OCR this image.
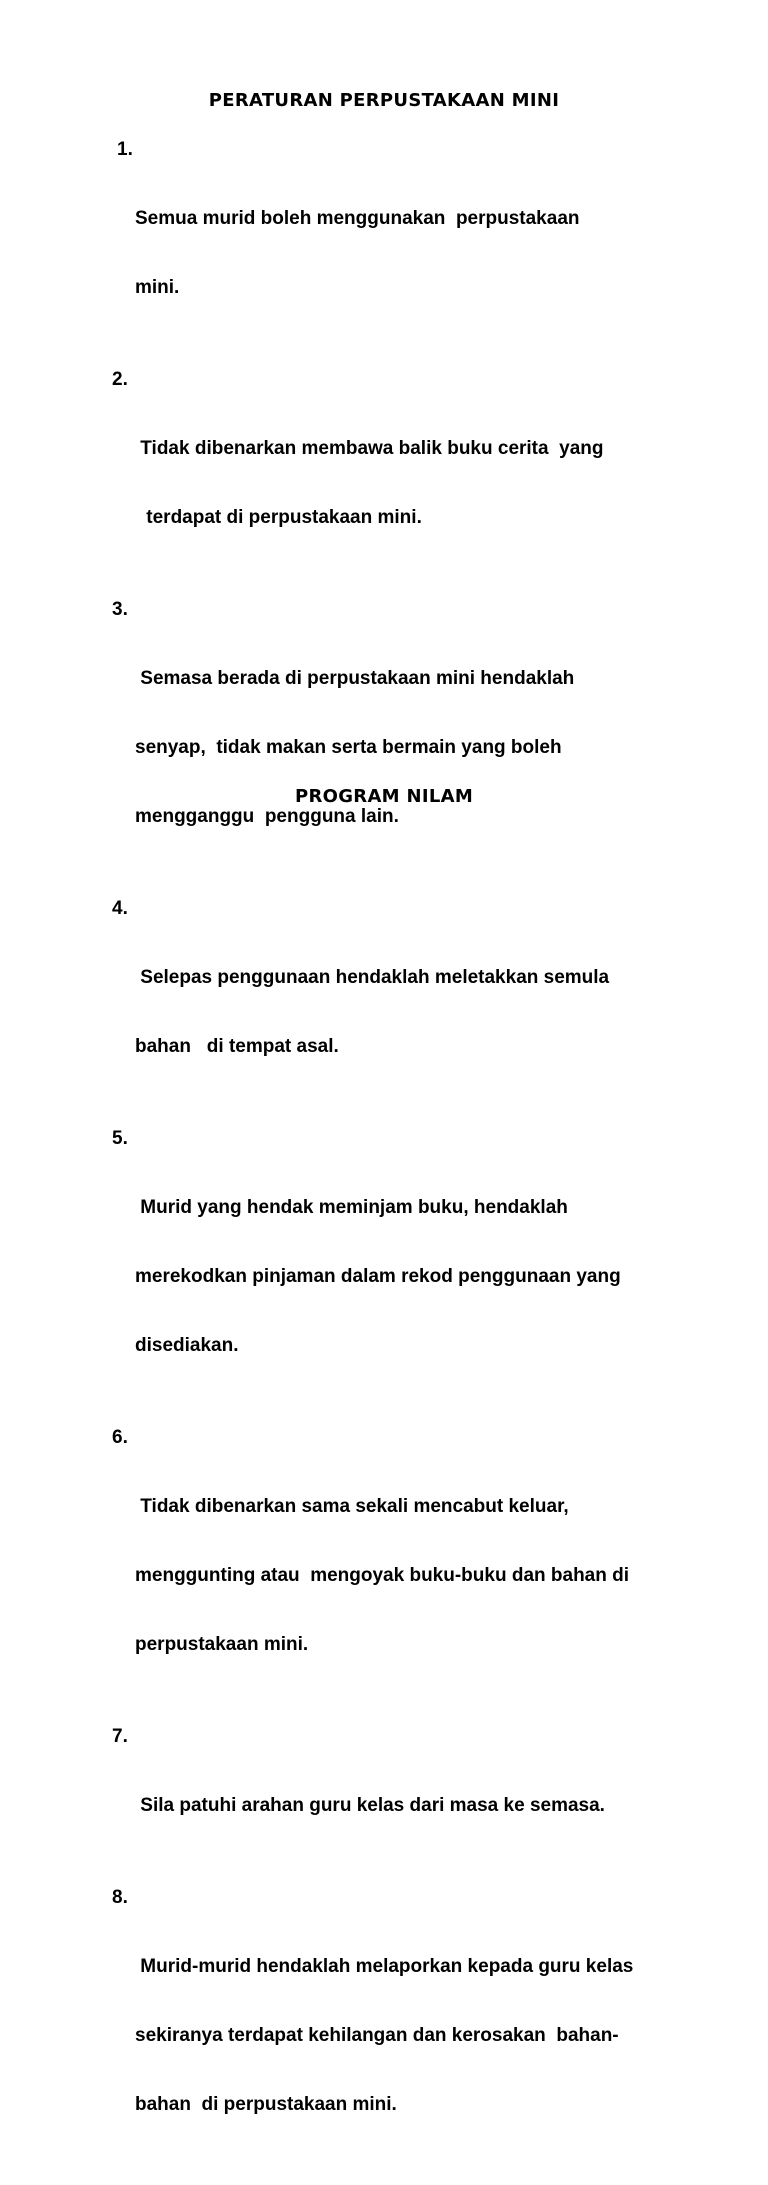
PERATURAN PERPUSTAKAAN MINI

1.

Semua murid boleh menggunakan  perpustakaan

mini.

2.

Tidak dibenarkan membawa balik buku cerita  yang

terdapat di perpustakaan mini.

3.

Semasa berada di perpustakaan mini hendaklah

senyap,  tidak makan serta bermain yang boleh

mengganggu  pengguna lain.

4.

Selepas penggunaan hendaklah meletakkan semula

bahan   di tempat asal.

5.

Murid yang hendak meminjam buku, hendaklah

merekodkan pinjaman dalam rekod penggunaan yang

disediakan.

6.

Tidak dibenarkan sama sekali mencabut keluar,

menggunting atau  mengoyak buku-buku dan bahan di

perpustakaan mini.

7.

Sila patuhi arahan guru kelas dari masa ke semasa.

8.

Murid-murid hendaklah melaporkan kepada guru kelas

sekiranya terdapat kehilangan dan kerosakan  bahan-

bahan  di perpustakaan mini.

PROGRAM NILAM
